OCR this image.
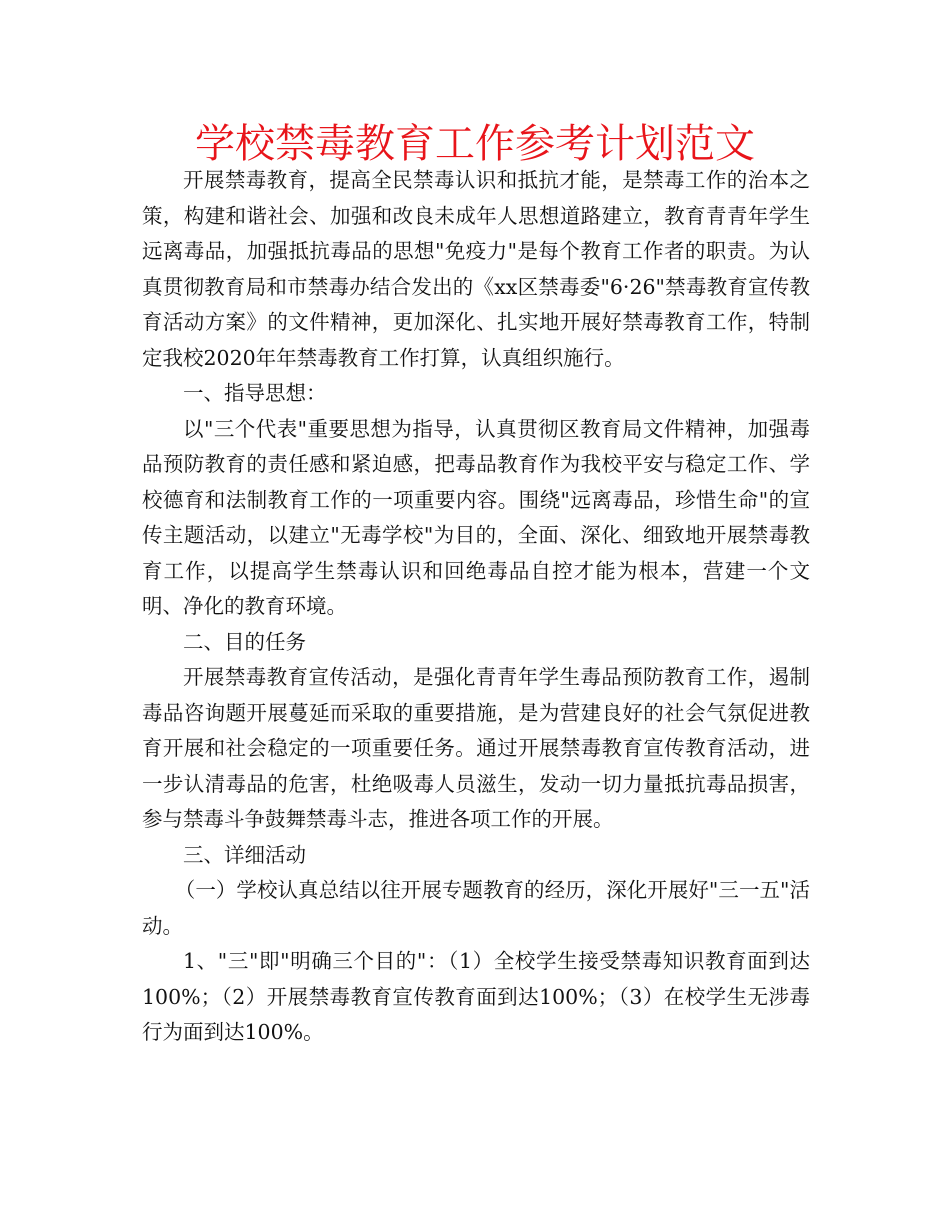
学校禁毒教育工作参考计划范文

开展禁毒教育，提高全民禁毒认识和抵抗才能，是禁毒工作的治本之策，构建和谐社会、加强和改良未成年人思想道路建立，教育青青年学生远离毒品，加强抵抗毒品的思想"免疫力"是每个教育工作者的职责。为认真贯彻教育局和市禁毒办结合发出的《xx区禁毒委"6·26"禁毒教育宣传教育活动方案》的文件精神，更加深化、扎实地开展好禁毒教育工作，特制定我校2020年年禁毒教育工作打算，认真组织施行。

一、指导思想：

以"三个代表"重要思想为指导，认真贯彻区教育局文件精神，加强毒品预防教育的责任感和紧迫感，把毒品教育作为我校平安与稳定工作、学校德育和法制教育工作的一项重要内容。围绕"远离毒品，珍惜生命"的宣传主题活动，以建立"无毒学校"为目的，全面、深化、细致地开展禁毒教育工作，以提高学生禁毒认识和回绝毒品自控才能为根本，营建一个文明、净化的教育环境。

二、目的任务

开展禁毒教育宣传活动，是强化青青年学生毒品预防教育工作，遏制毒品咨询题开展蔓延而采取的重要措施，是为营建良好的社会气氛促进教育开展和社会稳定的一项重要任务。通过开展禁毒教育宣传教育活动，进一步认清毒品的危害，杜绝吸毒人员滋生，发动一切力量抵抗毒品损害，参与禁毒斗争鼓舞禁毒斗志，推进各项工作的开展。

三、详细活动

（一）学校认真总结以往开展专题教育的经历，深化开展好"三一五"活动。

1、"三"即"明确三个目的"：（1）全校学生接受禁毒知识教育面到达100%；（2）开展禁毒教育宣传教育面到达100%；（3）在校学生无涉毒行为面到达100%。
